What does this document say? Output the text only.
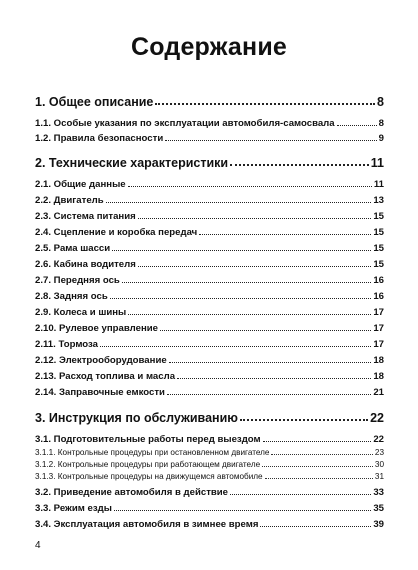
Содержание
1. Общее описание	8
1.1. Особые указания по эксплуатации автомобиля-самосвала	8
1.2. Правила безопасности	9
2. Технические характеристики	11
2.1. Общие данные	11
2.2. Двигатель	13
2.3. Система питания	15
2.4. Сцепление и коробка передач	15
2.5. Рама шасси	15
2.6. Кабина водителя	15
2.7. Передняя ось	16
2.8. Задняя ось	16
2.9. Колеса и шины	17
2.10. Рулевое управление	17
2.11. Тормоза	17
2.12. Электрооборудование	18
2.13. Расход топлива и масла	18
2.14. Заправочные емкости	21
3. Инструкция по обслуживанию	22
3.1. Подготовительные работы перед выездом	22
3.1.1. Контрольные процедуры при остановленном двигателе	23
3.1.2. Контрольные процедуры при работающем двигателе	30
3.1.3. Контрольные процедуры на движущемся автомобиле	31
3.2. Приведение автомобиля в действие	33
3.3. Режим езды	35
3.4. Эксплуатация автомобиля в зимнее время	39
4
